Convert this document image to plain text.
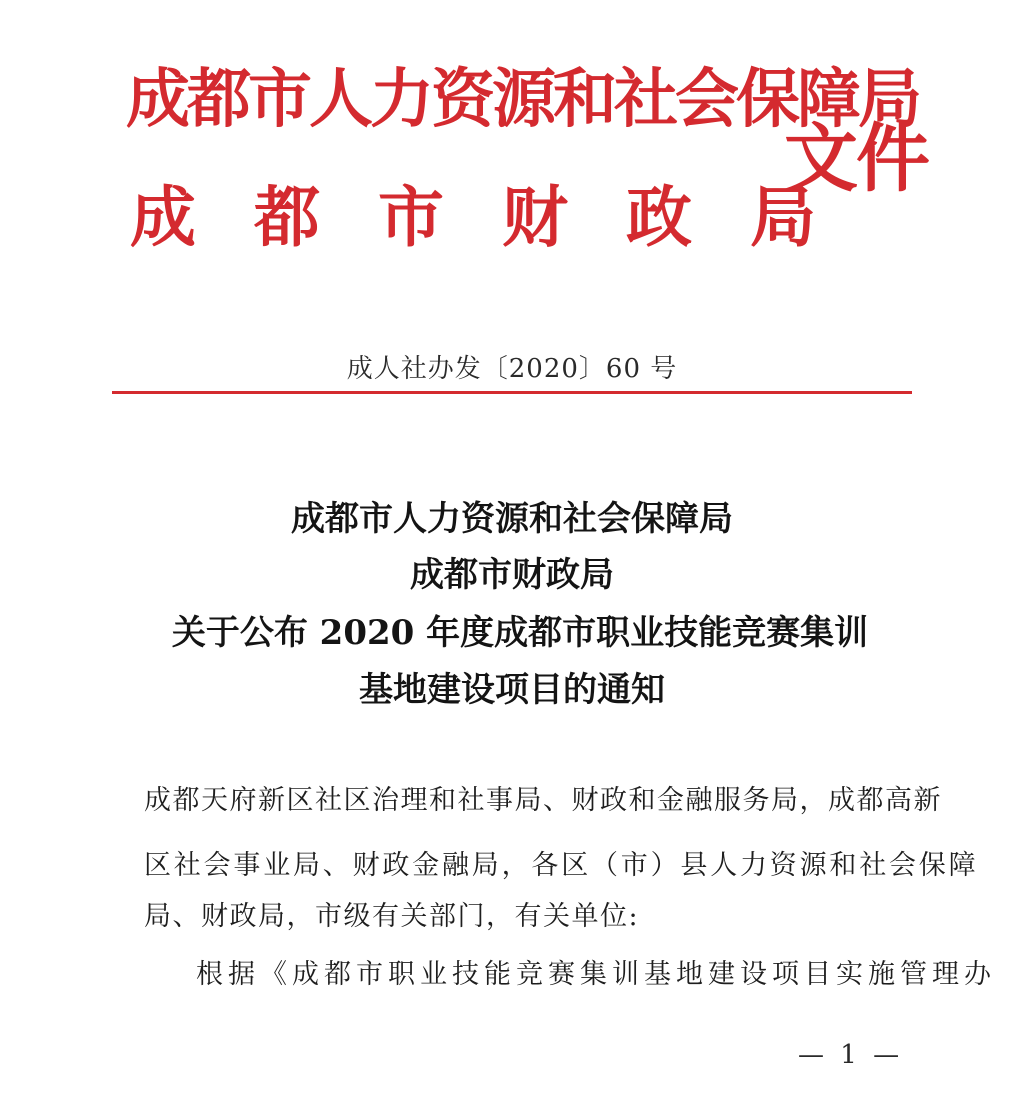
成都市人力资源和社会保障局
成都市财政局
文件
成人社办发〔2020〕60 号
成都市人力资源和社会保障局
成都市财政局
关于公布 2020 年度成都市职业技能竞赛集训
基地建设项目的通知
成都天府新区社区治理和社事局、财政和金融服务局，成都高新
区社会事业局、财政金融局，各区（市）县人力资源和社会保障
局、财政局，市级有关部门，有关单位:
根据《成都市职业技能竞赛集训基地建设项目实施管理办
— 1 —
